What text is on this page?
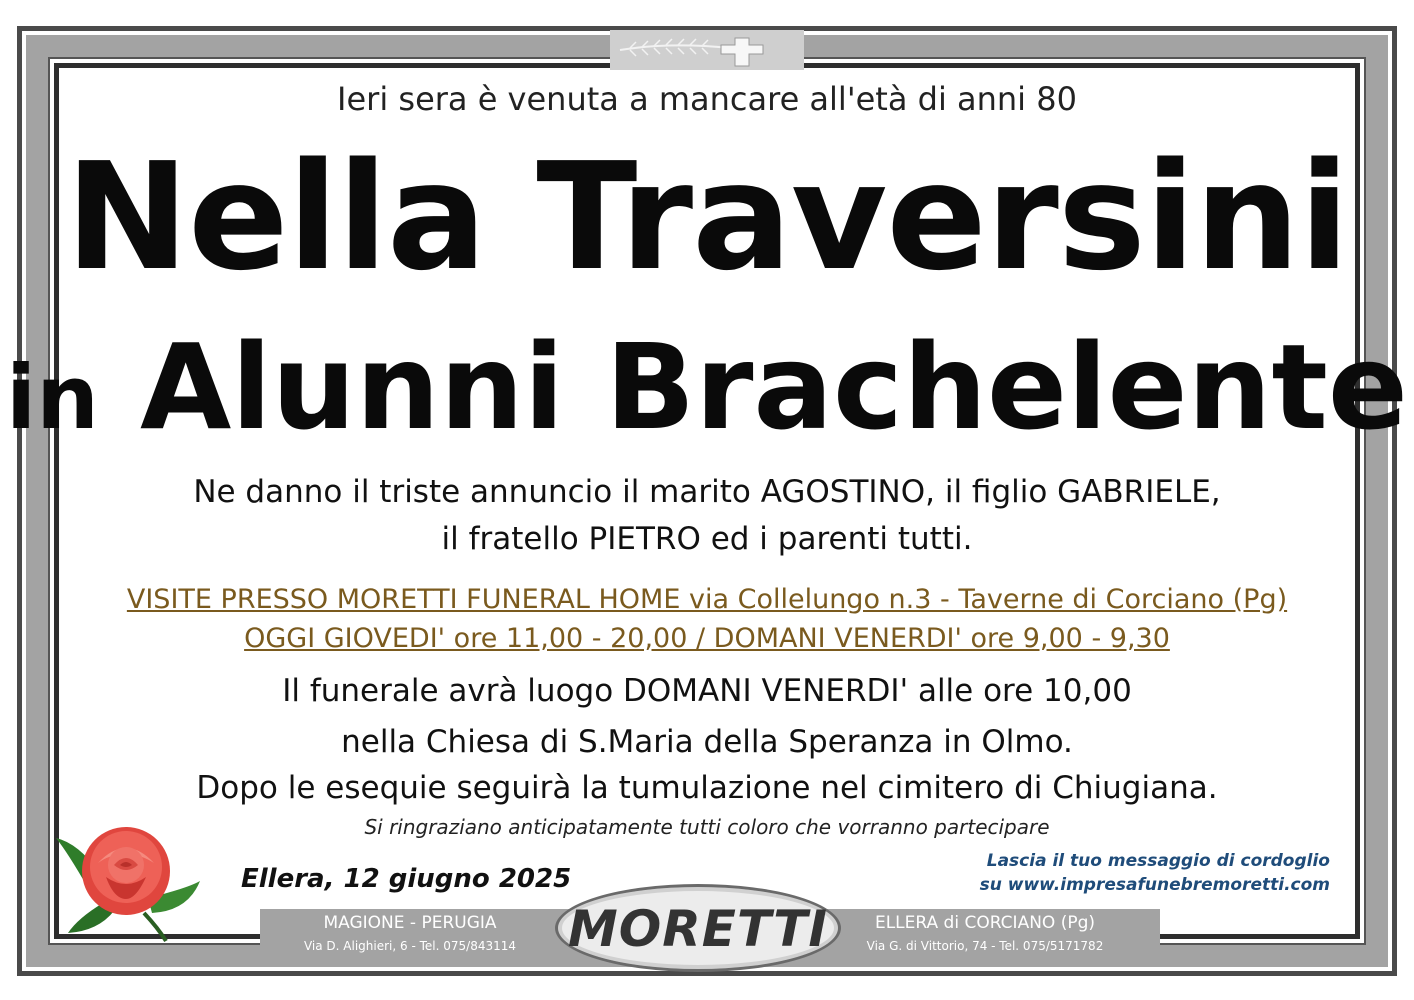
Ieri sera è venuta a mancare all'età di anni 80
Nella Traversini
in Alunni Brachelente
Ne danno il triste annuncio il marito AGOSTINO, il figlio GABRIELE,
il fratello PIETRO ed i parenti tutti.
VISITE PRESSO MORETTI FUNERAL HOME via Collelungo n.3 - Taverne di Corciano (Pg)
OGGI GIOVEDI' ore 11,00 - 20,00 / DOMANI VENERDI' ore 9,00 - 9,30
Il funerale avrà luogo DOMANI VENERDI' alle ore 10,00
nella Chiesa di S.Maria della Speranza in Olmo.
Dopo le esequie seguirà la tumulazione nel cimitero di Chiugiana.
Si ringraziano anticipatamente tutti coloro che vorranno partecipare
Ellera, 12 giugno 2025
Lascia il tuo messaggio di cordoglio
su www.impresafunebremoretti.com
MAGIONE - PERUGIA
Via D. Alighieri, 6 - Tel. 075/843114
ELLERA di CORCIANO (Pg)
Via G. di Vittorio, 74 - Tel. 075/5171782
MORETTI
